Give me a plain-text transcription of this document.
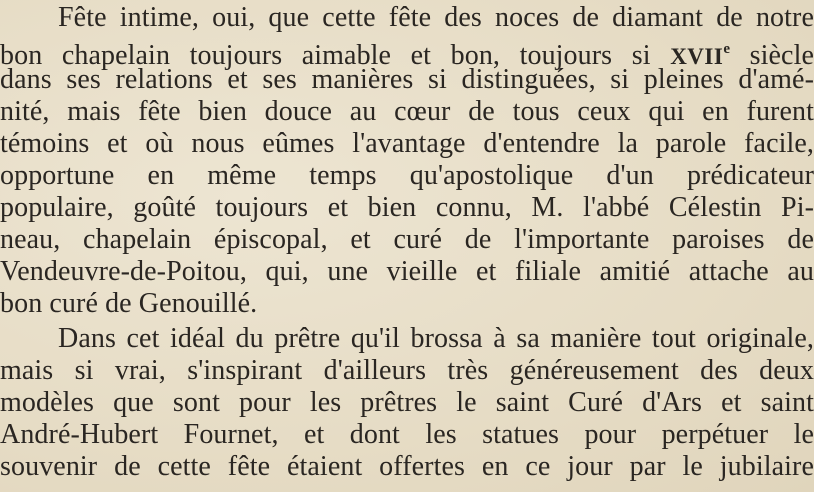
Fête intime, oui, que cette fête des noces de diamant de notre
bon chapelain toujours aimable et bon, toujours si XVIIe siècle
dans ses relations et ses manières si distinguées, si pleines d'amé-
nité, mais fête bien douce au cœur de tous ceux qui en furent
témoins et où nous eûmes l'avantage d'entendre la parole facile,
opportune en même temps qu'apostolique d'un prédicateur
populaire, goûté toujours et bien connu, M. l'abbé Célestin Pi-
neau, chapelain épiscopal, et curé de l'importante paroises de
Vendeuvre-de-Poitou, qui, une vieille et filiale amitié attache au
bon curé de Genouillé.
Dans cet idéal du prêtre qu'il brossa à sa manière tout originale,
mais si vrai, s'inspirant d'ailleurs très généreusement des deux
modèles que sont pour les prêtres le saint Curé d'Ars et saint
André-Hubert Fournet, et dont les statues pour perpétuer le
souvenir de cette fête étaient offertes en ce jour par le jubilaire
